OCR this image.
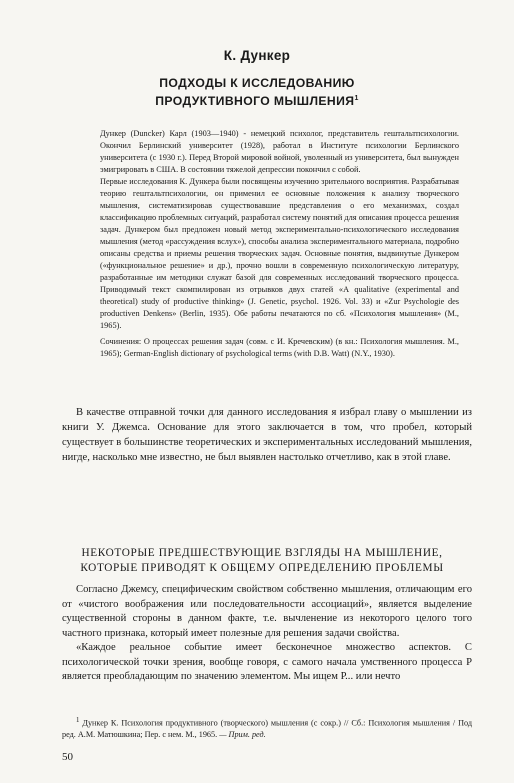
К. Дункер
ПОДХОДЫ К ИССЛЕДОВАНИЮ
ПРОДУКТИВНОГО МЫШЛЕНИЯ$^1$

Дункер (Duncker) Карл (1903—1940) - немецкий психолог, представитель гештальтпсихологии. Окончил Берлинский университет (1928), работал в Институте психологии Берлинского университета (с 1930 г.). Перед Второй мировой войной, уволенный из университета, был вынужден эмигрировать в США. В состоянии тяжелой депрессии покончил с собой.

Первые исследования К. Дункера были посвящены изучению зрительного восприятия. Разрабатывая теорию гештальтпсихологии, он применил ее основные положения к анализу творческого мышления, систематизировав существовавшие представления о его механизмах, создал классификацию проблемных ситуаций, разработал систему понятий для описания процесса решения задач. Дункером был предложен новый метод экспериментально-психологического исследования мышления (метод «рассуждения вслух»), способы анализа экспериментального материала, подробно описаны средства и приемы решения творческих задач. Основные понятия, выдвинутые Дункером («функциональное решение» и др.), прочно вошли в современную психологическую литературу, разработанные им методики служат базой для современных исследований творческого процесса. Приводимый текст скомпилирован из отрывков двух статей «A qualitative (experimental and theoretical) study of productive thinking» (J. Genetic, psychol. 1926. Vol. 33) и «Zur Psychologie des productiven Denkens» (Berlin, 1935). Обе работы печатаются по сб. «Психология мышления» (М., 1965).

Сочинения: О процессах решения задач (совм. с И. Кречевским) (в кн.: Психология мышления. М., 1965); German-English dictionary of psychological terms (with D.B. Watt) (N.Y., 1930).

В качестве отправной точки для данного исследования я избрал главу о мышлении из книги У. Джемса. Основание для этого заключается в том, что пробел, который существует в большинстве теоретических и экспериментальных исследований мышления, нигде, насколько мне известно, не был выявлен настолько отчетливо, как в этой главе.

НЕКОТОРЫЕ ПРЕДШЕСТВУЮЩИЕ ВЗГЛЯДЫ НА МЫШЛЕНИЕ,
КОТОРЫЕ ПРИВОДЯТ К ОБЩЕМУ ОПРЕДЕЛЕНИЮ ПРОБЛЕМЫ

Согласно Джемсу, специфическим свойством собственно мышления, отличающим его от «чистого воображения или последовательности ассоциаций», является выделение существенной стороны в данном факте, т.е. вычленение из некоторого целого того частного признака, который имеет полезные для решения задачи свойства.

«Каждое реальное событие имеет бесконечное множество аспектов. С психологической точки зрения, вообще говоря, с самого начала умственного процесса Р является преобладающим по значению элементом. Мы ищем Р... или нечто

$^1$ Дункер К. Психология продуктивного (творческого) мышления (с сокр.) // Сб.: Психология мышления / Под ред. А.М. Матюшкина; Пер. с нем. М., 1965. — Прим. ред.

50
